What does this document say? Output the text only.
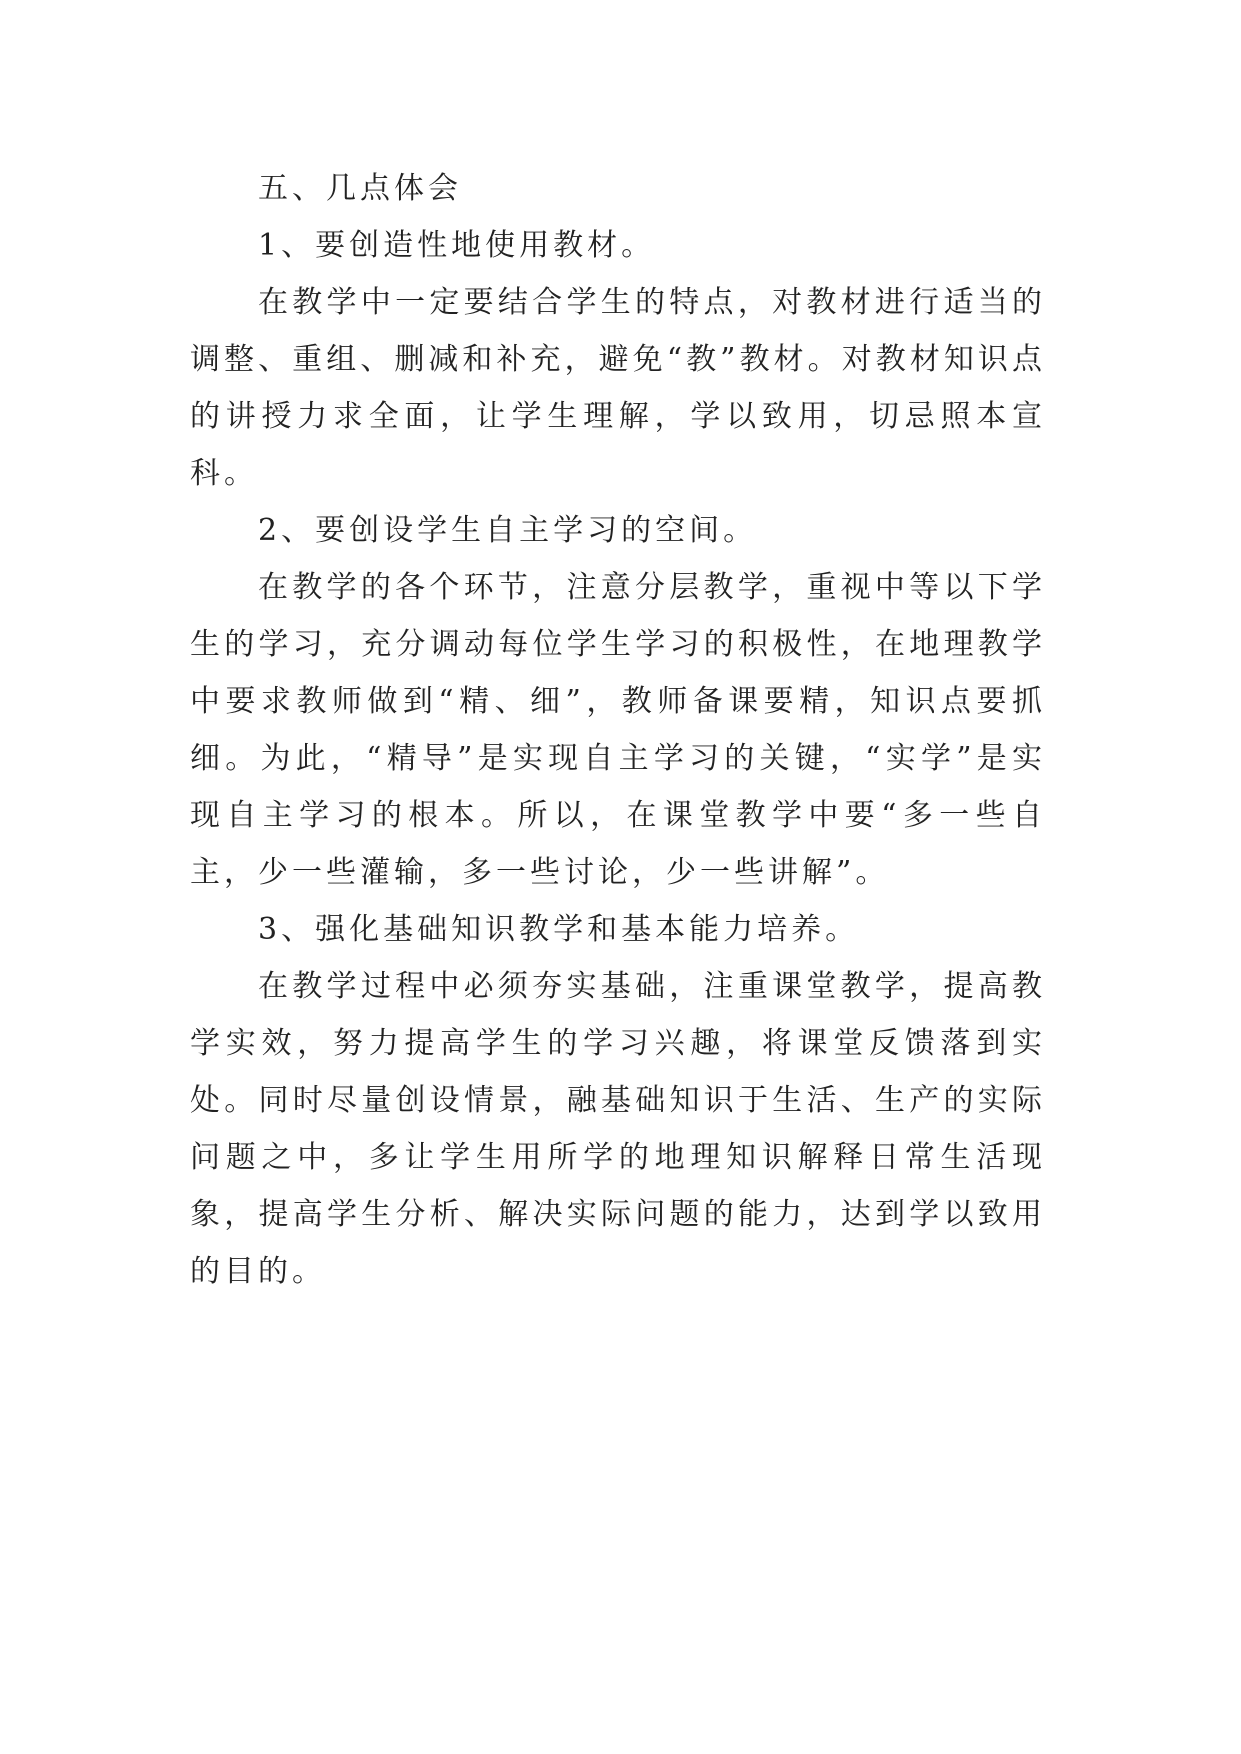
五、几点体会

1、要创造性地使用教材。

在教学中一定要结合学生的特点，对教材进行适当的调整、重组、删减和补充，避免“教”教材。对教材知识点的讲授力求全面，让学生理解，学以致用，切忌照本宣科。

2、要创设学生自主学习的空间。

在教学的各个环节，注意分层教学，重视中等以下学生的学习，充分调动每位学生学习的积极性，在地理教学中要求教师做到“精、细”，教师备课要精，知识点要抓细。为此，“精导”是实现自主学习的关键，“实学”是实现自主学习的根本。所以，在课堂教学中要“多一些自主，少一些灌输，多一些讨论，少一些讲解”。

3、强化基础知识教学和基本能力培养。

在教学过程中必须夯实基础，注重课堂教学，提高教学实效，努力提高学生的学习兴趣，将课堂反馈落到实处。同时尽量创设情景，融基础知识于生活、生产的实际问题之中，多让学生用所学的地理知识解释日常生活现象，提高学生分析、解决实际问题的能力，达到学以致用的目的。
